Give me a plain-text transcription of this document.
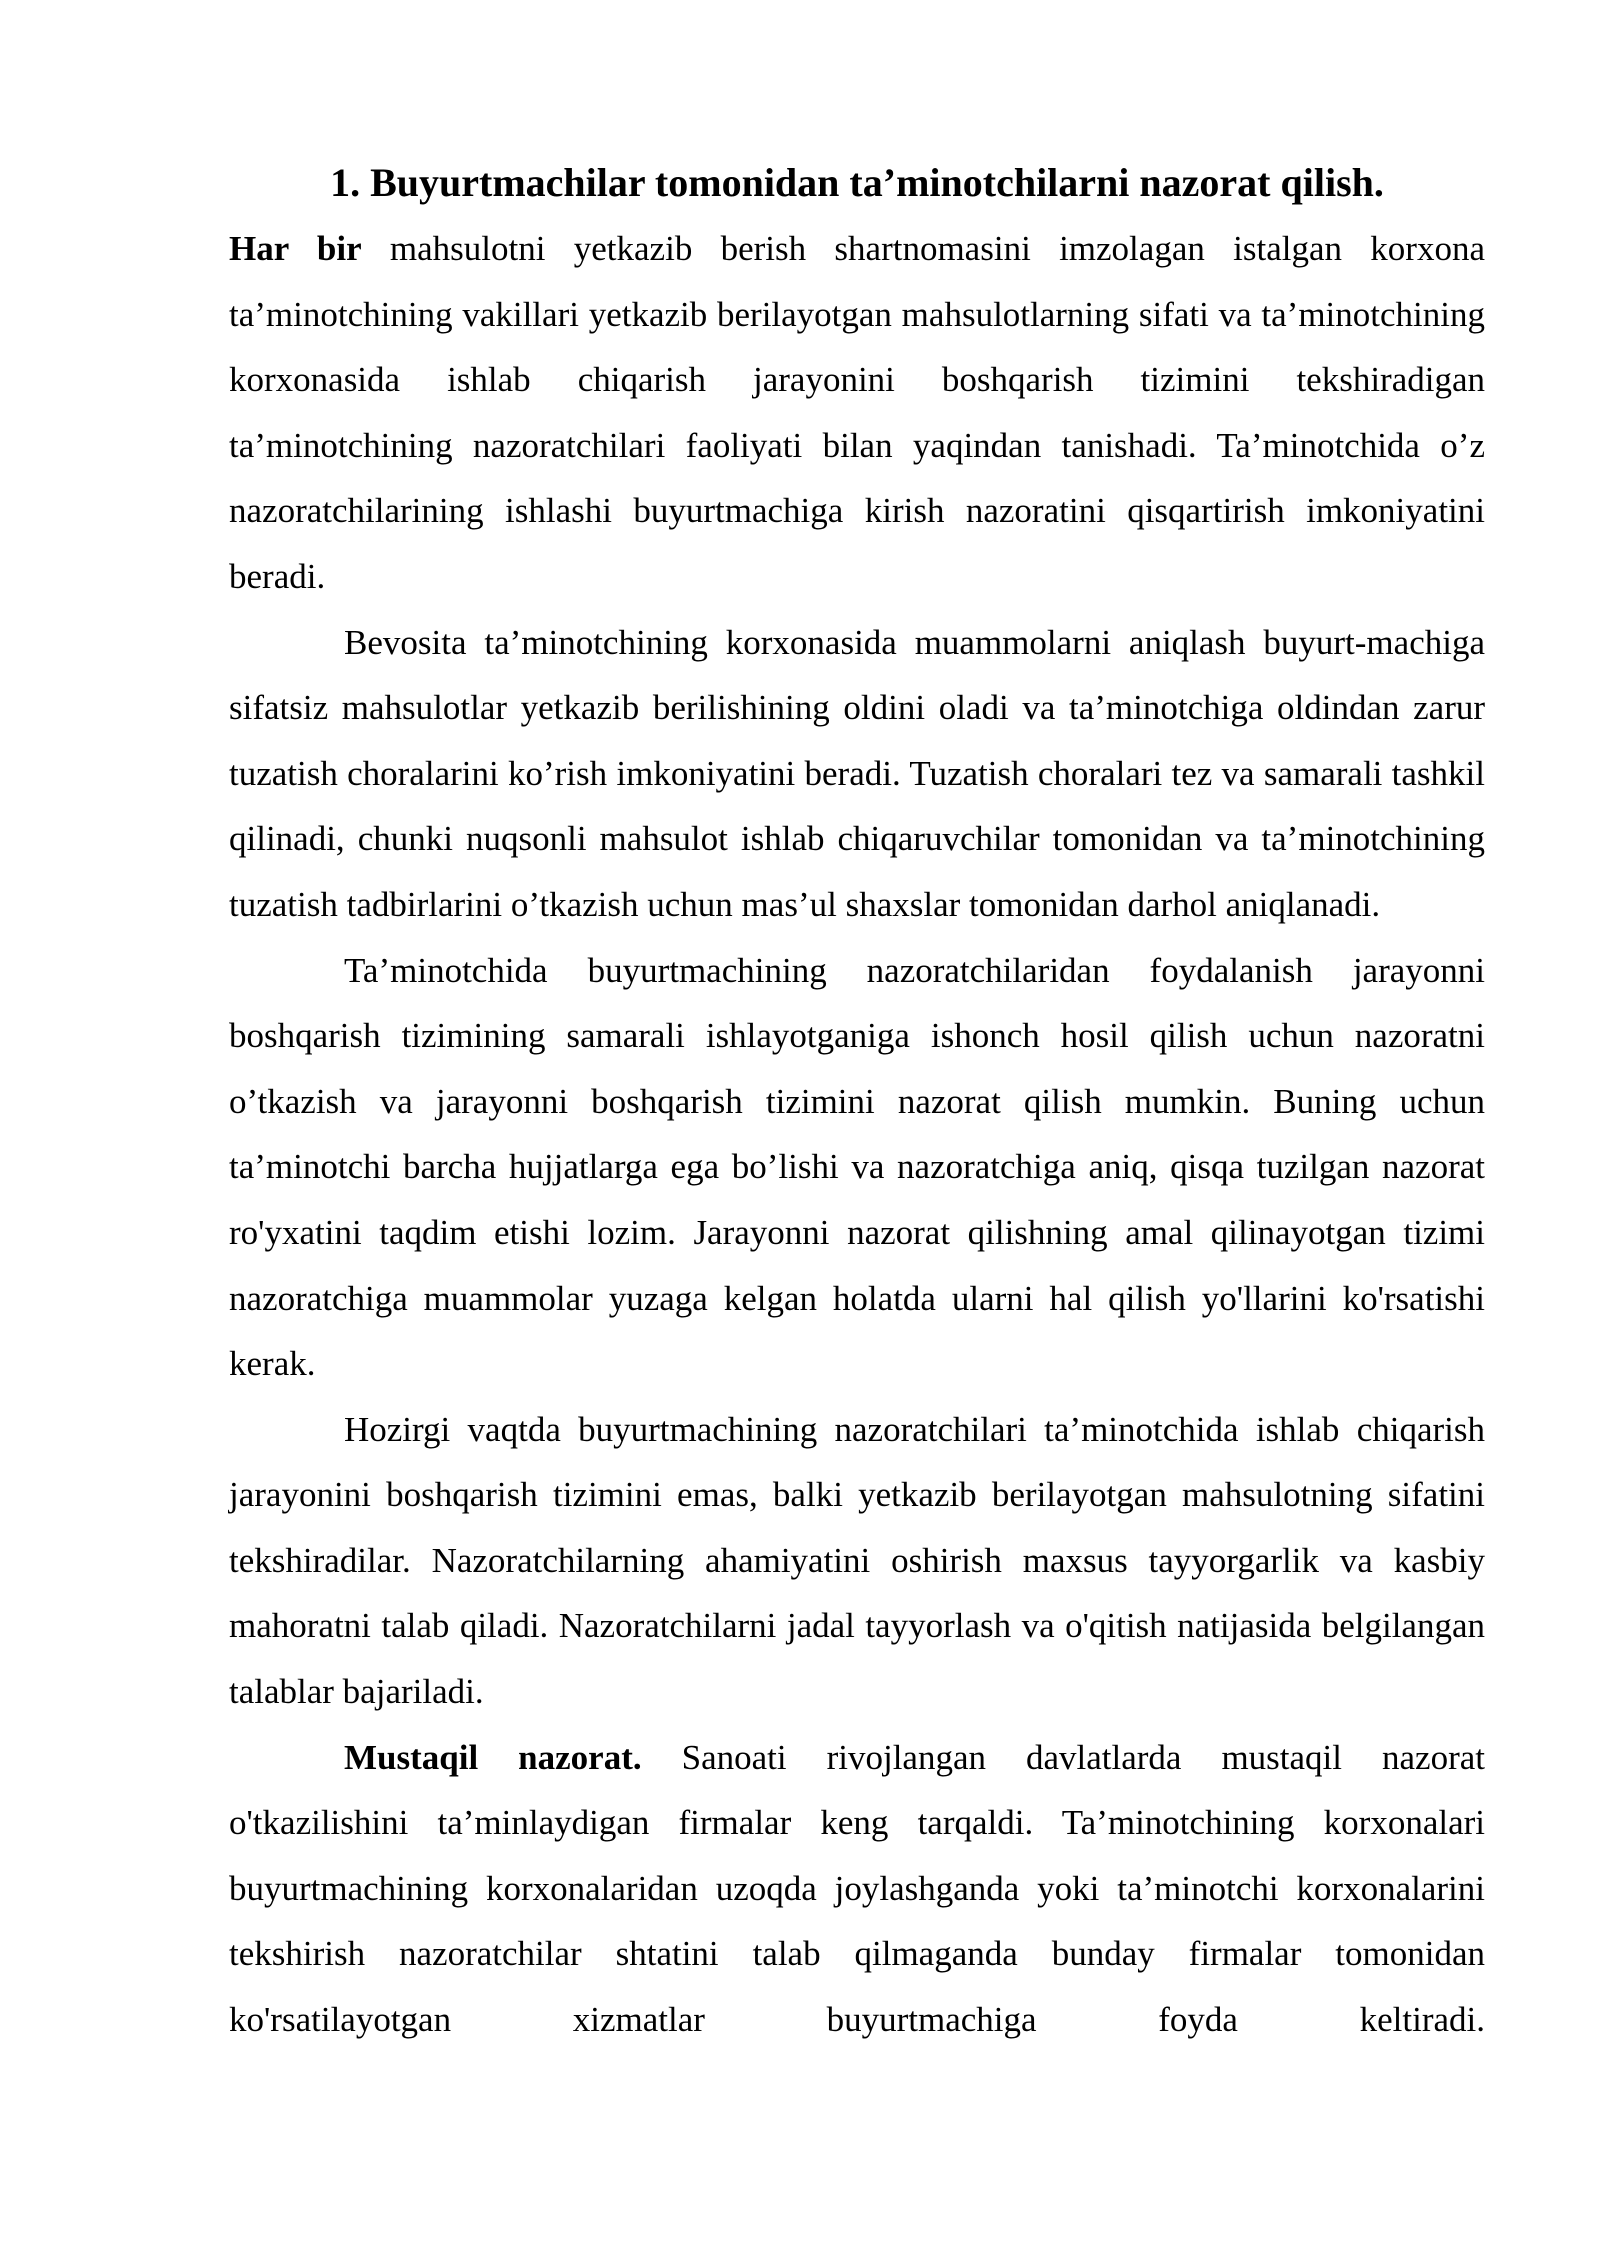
1. Buyurtmachilar tomonidan ta’minotchilarni nazorat qilish.

Har bir mahsulotni yetkazib berish shartnomasini imzolagan istalgan korxona ta’minotchining vakillari yetkazib berilayotgan mahsulotlarning sifati va ta’minotchining korxonasida ishlab chiqarish jarayonini boshqarish tizimini tekshiradigan ta’minotchining nazoratchilari faoliyati bilan yaqindan tanishadi. Ta’minotchida o’z nazoratchilarining ishlashi buyurtmachiga kirish nazoratini qisqartirish imkoniyatini beradi.

Bevosita ta’minotchining korxonasida muammolarni aniqlash buyurt-machiga sifatsiz mahsulotlar yetkazib berilishining oldini oladi va ta’minotchiga oldindan zarur tuzatish choralarini ko’rish imkoniyatini beradi. Tuzatish choralari tez va samarali tashkil qilinadi, chunki nuqsonli mahsulot ishlab chiqaruvchilar tomonidan va ta’minotchining tuzatish tadbirlarini o’tkazish uchun mas’ul shaxslar tomonidan darhol aniqlanadi.

Ta’minotchida buyurtmachining nazoratchilaridan foydalanish jarayonni boshqarish tizimining samarali ishlayotganiga ishonch hosil qilish uchun nazoratni o’tkazish va jarayonni boshqarish tizimini nazorat qilish mumkin. Buning uchun ta’minotchi barcha hujjatlarga ega bo’lishi va nazoratchiga aniq, qisqa tuzilgan nazorat ro'yxatini taqdim etishi lozim. Jarayonni nazorat qilishning amal qilinayotgan tizimi nazoratchiga muammolar yuzaga kelgan holatda ularni hal qilish yo'llarini ko'rsatishi kerak.

Hozirgi vaqtda buyurtmachining nazoratchilari ta’minotchida ishlab chiqarish jarayonini boshqarish tizimini emas, balki yetkazib berilayotgan mahsulotning sifatini tekshiradilar. Nazoratchilarning ahamiyatini oshirish maxsus tayyorgarlik va kasbiy mahoratni talab qiladi. Nazoratchilarni jadal tayyorlash va o'qitish natijasida belgilangan talablar bajariladi.

Mustaqil nazorat. Sanoati rivojlangan davlatlarda mustaqil nazorat o'tkazilishini ta’minlaydigan firmalar keng tarqaldi. Ta’minotchining korxonalari buyurtmachining korxonalaridan uzoqda joylashganda yoki ta’minotchi korxonalarini tekshirish nazoratchilar shtatini talab qilmaganda bunday firmalar tomonidan ko'rsatilayotgan xizmatlar buyurtmachiga foyda keltiradi.
